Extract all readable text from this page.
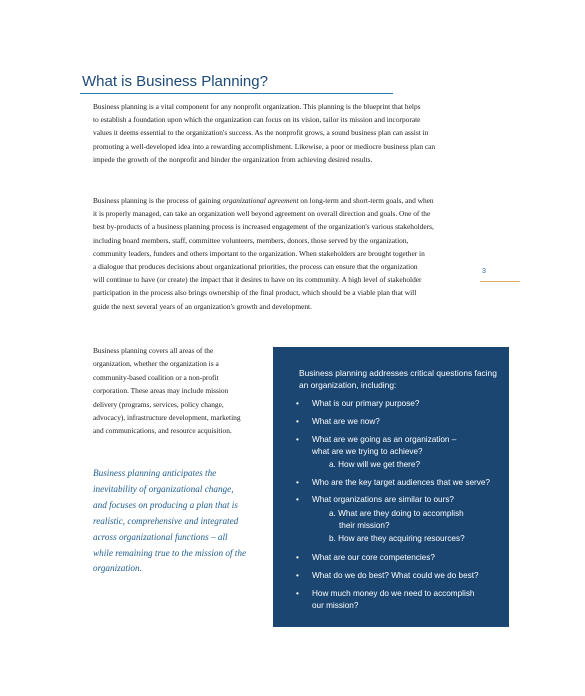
What is Business Planning?

Business planning is a vital component for any nonprofit organization. This planning is the blueprint that helps
to establish a foundation upon which the organization can focus on its vision, tailor its mission and incorporate
values it deems essential to the organization's success. As the nonprofit grows, a sound business plan can assist in
promoting a well-developed idea into a rewarding accomplishment. Likewise, a poor or mediocre business plan can
impede the growth of the nonprofit and hinder the organization from achieving desired results.

Business planning is the process of gaining organizational agreement on long-term and short-term goals, and when
it is properly managed, can take an organization well beyond agreement on overall direction and goals. One of the
best by-products of a business planning process is increased engagement of the organization's various stakeholders,
including board members, staff, committee volunteers, members, donors, those served by the organization,
community leaders, funders and others important to the organization. When stakeholders are brought together in
a dialogue that produces decisions about organizational priorities, the process can ensure that the organization
will continue to have (or create) the impact that it desires to have on its community. A high level of stakeholder
participation in the process also brings ownership of the final product, which should be a viable plan that will
guide the next several years of an organization's growth and development.

3

Business planning covers all areas of the
organization, whether the organization is a
community-based coalition or a non-profit
corporation. These areas may include mission
delivery (programs, services, policy change,
advocacy), infrastructure development, marketing
and communications, and resource acquisition.

Business planning anticipates the
inevitability of organizational change,
and focuses on producing a plan that is
realistic, comprehensive and integrated
across organizational functions – all
while remaining true to the mission of the
organization.

Business planning addresses critical questions facing
an organization, including:

• What is our primary purpose?
• What are we now?
• What are we going as an organization –
what are we trying to achieve?
a. How will we get there?
• Who are the key target audiences that we serve?
• What organizations are similar to ours?
a. What are they doing to accomplish
their mission?
b. How are they acquiring resources?
• What are our core competencies?
• What do we do best? What could we do best?
• How much money do we need to accomplish
our mission?
